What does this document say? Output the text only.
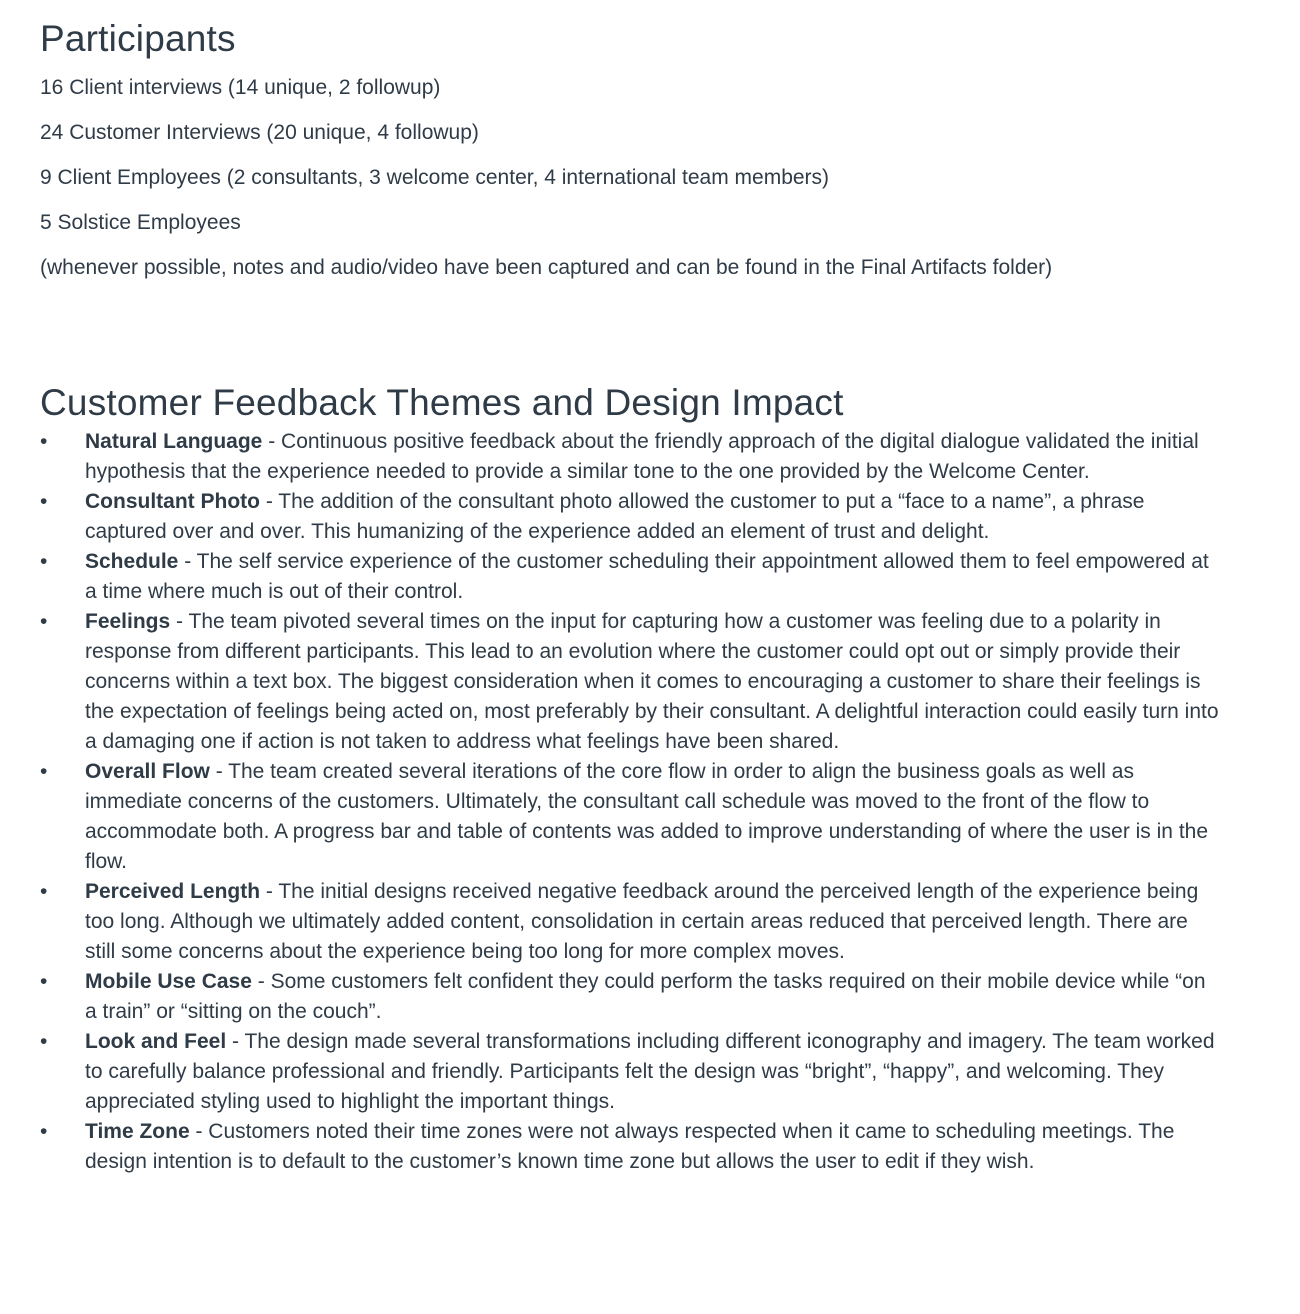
Participants

16 Client interviews (14 unique, 2 followup)

24 Customer Interviews (20 unique, 4 followup)

9 Client Employees (2 consultants, 3 welcome center, 4 international team members)

5 Solstice Employees

(whenever possible, notes and audio/video have been captured and can be found in the Final Artifacts folder)

Customer Feedback Themes and Design Impact
•	Natural Language - Continuous positive feedback about the friendly approach of the digital dialogue validated the initial hypothesis that the experience needed to provide a similar tone to the one provided by the Welcome Center.
•	Consultant Photo - The addition of the consultant photo allowed the customer to put a “face to a name”, a phrase captured over and over. This humanizing of the experience added an element of trust and delight.
•	Schedule - The self service experience of the customer scheduling their appointment allowed them to feel empowered at a time where much is out of their control.
•	Feelings - The team pivoted several times on the input for capturing how a customer was feeling due to a polarity in response from different participants. This lead to an evolution where the customer could opt out or simply provide their concerns within a text box. The biggest consideration when it comes to encouraging a customer to share their feelings is the expectation of feelings being acted on, most preferably by their consultant. A delightful interaction could easily turn into a damaging one if action is not taken to address what feelings have been shared.
•	Overall Flow - The team created several iterations of the core flow in order to align the business goals as well as immediate concerns of the customers. Ultimately, the consultant call schedule was moved to the front of the flow to accommodate both. A progress bar and table of contents was added to improve understanding of where the user is in the flow.
•	Perceived Length - The initial designs received negative feedback around the perceived length of the experience being too long. Although we ultimately added content, consolidation in certain areas reduced that perceived length. There are still some concerns about the experience being too long for more complex moves.
•	Mobile Use Case - Some customers felt confident they could perform the tasks required on their mobile device while “on a train” or “sitting on the couch”.
•	Look and Feel - The design made several transformations including different iconography and imagery. The team worked to carefully balance professional and friendly. Participants felt the design was “bright”, “happy”, and welcoming. They appreciated styling used to highlight the important things.
•	Time Zone - Customers noted their time zones were not always respected when it came to scheduling meetings. The design intention is to default to the customer’s known time zone but allows the user to edit if they wish.
